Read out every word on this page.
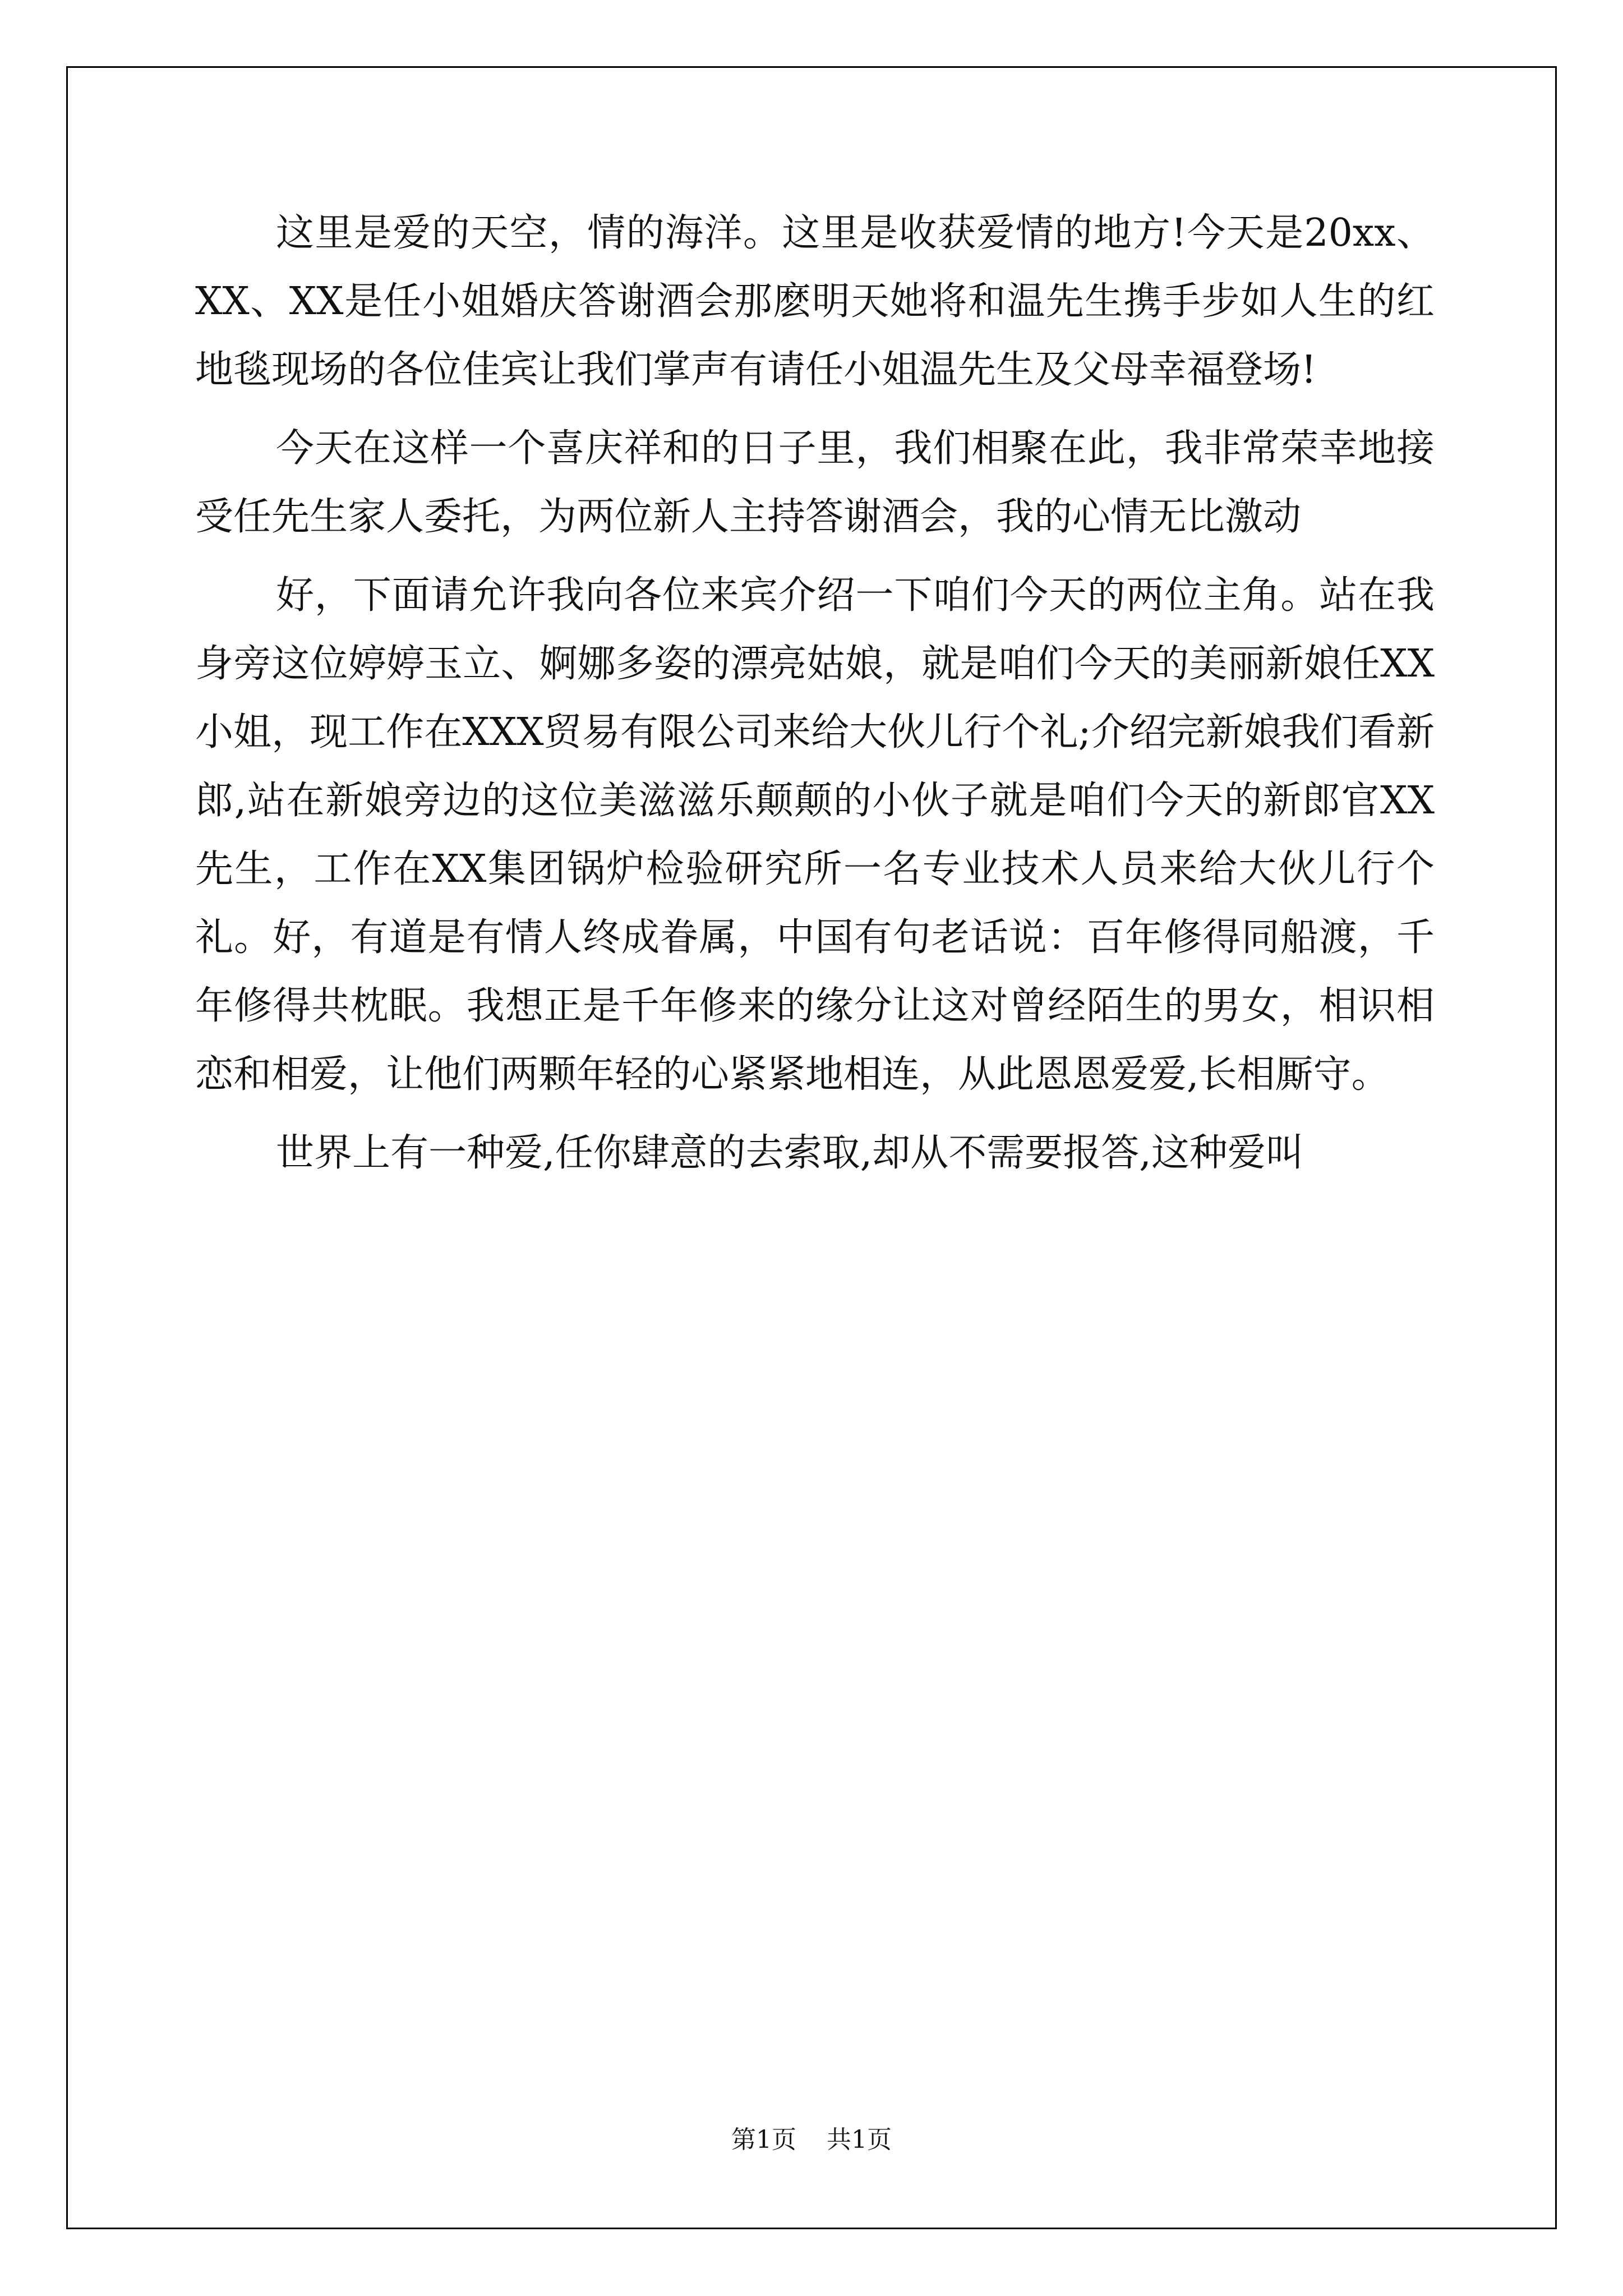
这里是爱的天空，情的海洋。这里是收获爱情的地方!今天是20xx、XX、XX是任小姐婚庆答谢酒会那麽明天她将和温先生携手步如人生的红地毯现场的各位佳宾让我们掌声有请任小姐温先生及父母幸福登场!

今天在这样一个喜庆祥和的日子里，我们相聚在此，我非常荣幸地接受任先生家人委托，为两位新人主持答谢酒会，我的心情无比激动

好，下面请允许我向各位来宾介绍一下咱们今天的两位主角。站在我身旁这位婷婷玉立、婀娜多姿的漂亮姑娘，就是咱们今天的美丽新娘任XX小姐，现工作在XXX贸易有限公司来给大伙儿行个礼;介绍完新娘我们看新郎,站在新娘旁边的这位美滋滋乐颠颠的小伙子就是咱们今天的新郎官XX先生，工作在XX集团锅炉检验研究所一名专业技术人员来给大伙儿行个礼。好，有道是有情人终成眷属，中国有句老话说：百年修得同船渡，千年修得共枕眠。我想正是千年修来的缘分让这对曾经陌生的男女，相识相恋和相爱，让他们两颗年轻的心紧紧地相连，从此恩恩爱爱,长相厮守。

世界上有一种爱,任你肆意的去索取,却从不需要报答,这种爱叫

第1页 共1页
